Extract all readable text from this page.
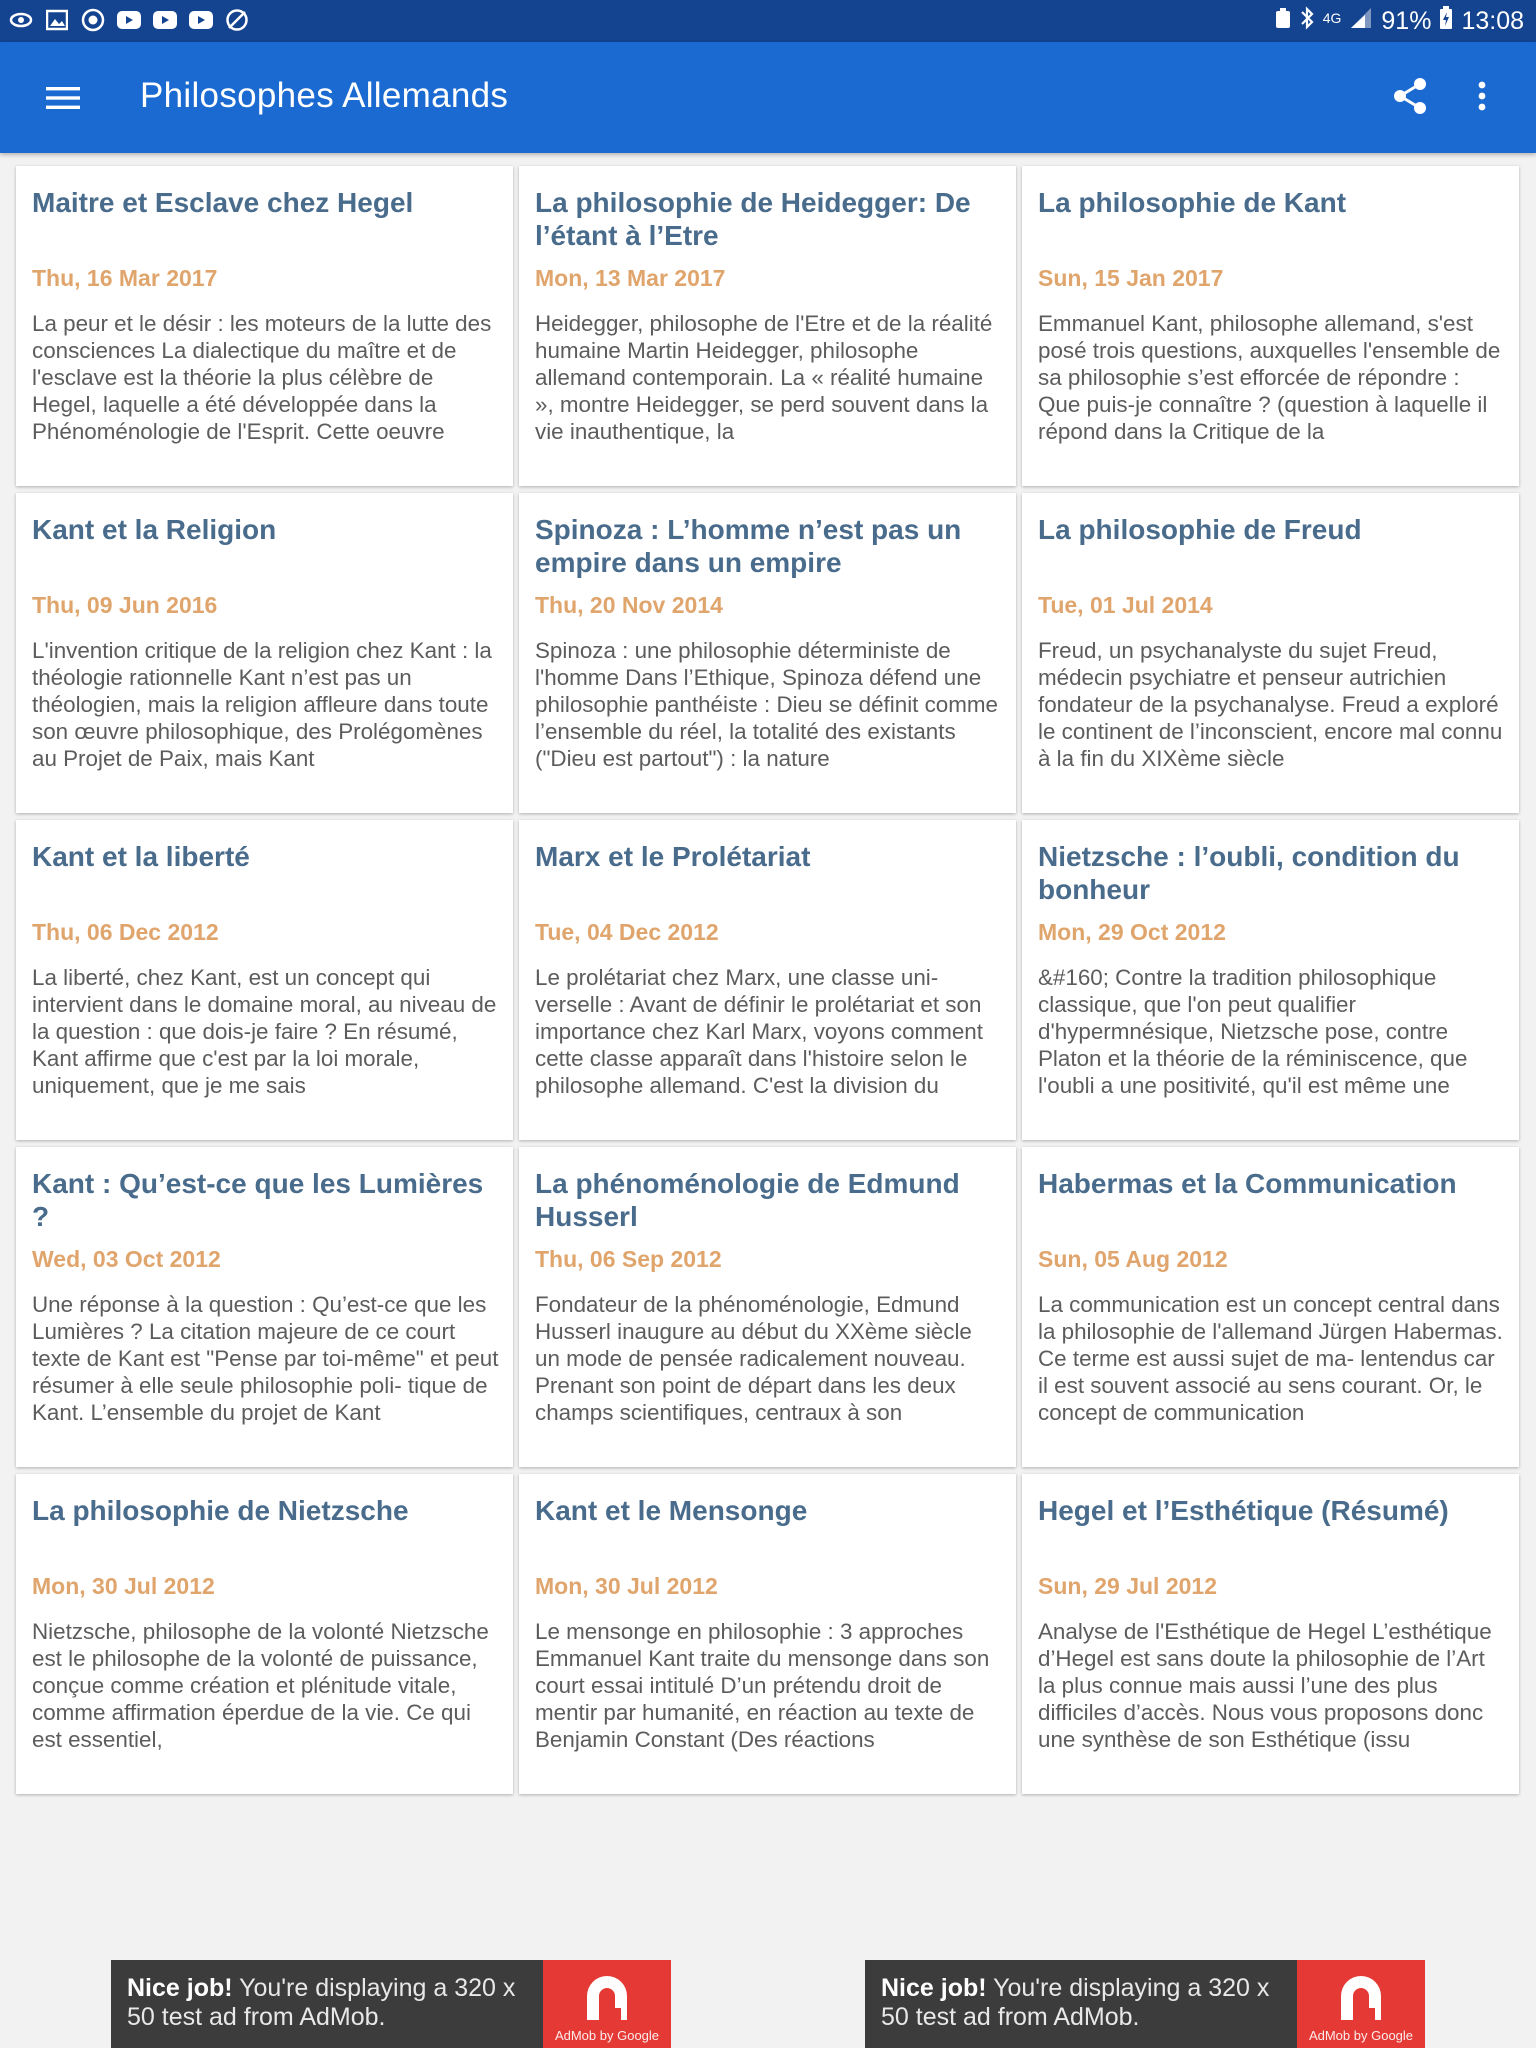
4G 91% 13:08
Philosophes Allemands
Maitre et Esclave chez Hegel
Thu, 16 Mar 2017
La peur et le désir : les moteurs de la lutte des consciences La dialectique du maître et de l'esclave est la théorie la plus célèbre de Hegel, laquelle a été développée dans la Phénoménologie de l'Esprit. Cette oeuvre
La philosophie de Heidegger: De l’étant à l’Etre
Mon, 13 Mar 2017
Heidegger, philosophe de l'Etre et de la réalité humaine Martin Heidegger, philosophe allemand contemporain. La « réalité humaine », montre Heidegger, se perd souvent dans la vie inauthentique, la
La philosophie de Kant
Sun, 15 Jan 2017
Emmanuel Kant, philosophe allemand, s'est posé trois questions, auxquelles l'ensemble de sa philosophie s’est efforcée de répondre : Que puis-je connaître ? (question à laquelle il répond dans la Critique de la
Kant et la Religion
Thu, 09 Jun 2016
L'invention critique de la religion chez Kant : la théologie rationnelle Kant n’est pas un théologien, mais la religion affleure dans toute son œuvre philosophique, des Prolégomènes au Projet de Paix, mais Kant
Spinoza : L’homme n’est pas un empire dans un empire
Thu, 20 Nov 2014
Spinoza : une philosophie déterministe de l'homme Dans l’Ethique, Spinoza défend une philosophie panthéiste : Dieu se définit comme l’ensemble du réel, la totalité des existants ("Dieu est partout") : la nature
La philosophie de Freud
Tue, 01 Jul 2014
Freud, un psychanalyste du sujet Freud, médecin psychiatre et penseur autrichien fondateur de la psychanalyse. Freud a exploré le continent de l’inconscient, encore mal connu à la fin du XIXème siècle
Kant et la liberté
Thu, 06 Dec 2012
La liberté, chez Kant, est un concept qui intervient dans le domaine moral, au niveau de la question : que dois-je faire ? En résumé, Kant affirme que c'est par la loi morale, uniquement, que je me sais
Marx et le Prolétariat
Tue, 04 Dec 2012
Le prolétariat chez Marx, une classe uni- verselle : Avant de définir le prolétariat et son importance chez Karl Marx, voyons comment cette classe apparaît dans l'histoire selon le philosophe allemand. C'est la division du
Nietzsche : l’oubli, condition du bonheur
Mon, 29 Oct 2012
&#160; Contre la tradition philosophique classique, que l'on peut qualifier d'hypermnésique, Nietzsche pose, contre Platon et la théorie de la réminiscence, que l'oubli a une positivité, qu'il est même une
Kant : Qu’est-ce que les Lumières ?
Wed, 03 Oct 2012
Une réponse à la question : Qu’est-ce que les Lumières ? La citation majeure de ce court texte de Kant est "Pense par toi-même" et peut résumer à elle seule philosophie poli- tique de Kant. L’ensemble du projet de Kant
La phénoménologie de Edmund Husserl
Thu, 06 Sep 2012
Fondateur de la phénoménologie, Edmund Husserl inaugure au début du XXème siècle un mode de pensée radicalement nouveau. Prenant son point de départ dans les deux champs scientifiques, centraux à son
Habermas et la Communication
Sun, 05 Aug 2012
La communication est un concept central dans la philosophie de l'allemand Jürgen Habermas. Ce terme est aussi sujet de ma- lentendus car il est souvent associé au sens courant. Or, le concept de communication
La philosophie de Nietzsche
Mon, 30 Jul 2012
Nietzsche, philosophe de la volonté Nietzsche est le philosophe de la volonté de puissance, conçue comme création et plénitude vitale, comme affirmation éperdue de la vie. Ce qui est essentiel,
Kant et le Mensonge
Mon, 30 Jul 2012
Le mensonge en philosophie : 3 approches Emmanuel Kant traite du mensonge dans son court essai intitulé D’un prétendu droit de mentir par humanité, en réaction au texte de Benjamin Constant (Des réactions
Hegel et l’Esthétique (Résumé)
Sun, 29 Jul 2012
Analyse de l'Esthétique de Hegel L’esthétique d’Hegel est sans doute la philosophie de l’Art la plus connue mais aussi l’une des plus difficiles d’accès. Nous vous proposons donc une synthèse de son Esthétique (issu
Nice job! You're displaying a 320 x 50 test ad from AdMob.
AdMob by Google
Nice job! You're displaying a 320 x 50 test ad from AdMob.
AdMob by Google
